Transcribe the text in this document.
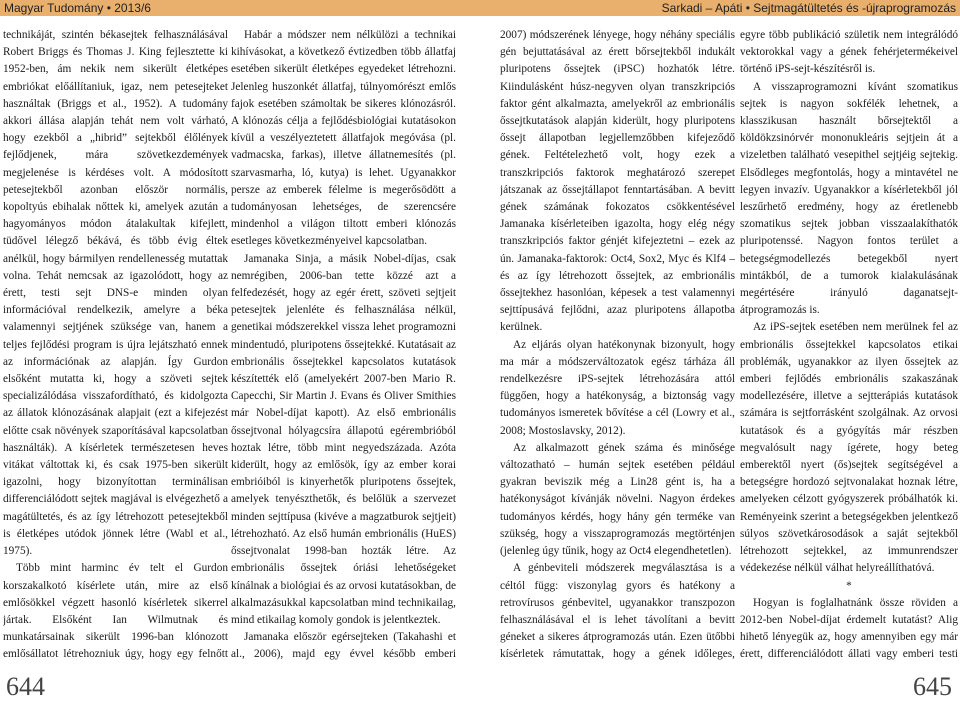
Magyar Tudomány • 2013/6	Sarkadi – Apáti • Sejtmagátültetés és -újraprogramozás

technikáját, szintén békasejtek felhasználásával Robert Briggs és Thomas J. King fejlesztette ki 1952-ben, ám nekik nem sikerült életképes embriókat előállítaniuk, igaz, nem petesejteket használtak (Briggs et al., 1952). A tudomány akkori állása alapján tehát nem volt várható, hogy ezekből a „hibrid” sejtekből élőlények fejlődjenek, mára szövetkezdemények megjelenése is kérdéses volt. A módosított petesejtekből azonban először normális, kopoltyús ebihalak nőttek ki, amelyek azután a hagyományos módon átalakultak kifejlett, tüdővel lélegző békává, és több évig éltek anélkül, hogy bármilyen rendellenesség mutattak volna. Tehát nemcsak az igazolódott, hogy az érett, testi sejt DNS-e minden olyan információval rendelkezik, amelyre a béka valamennyi sejtjének szüksége van, hanem a teljes fejlődési program is újra lejátszható ennek az információnak az alapján. Így Gurdon elsőként mutatta ki, hogy a szöveti sejtek specializálódása visszafordítható, és kidolgozta az állatok klónozásának alapjait (ezt a kifejezést előtte csak növények szaporításával kapcsolatban használták). A kísérletek természetesen heves vitákat váltottak ki, és csak 1975-ben sikerült igazolni, hogy bizonyítottan terminálisan differenciálódott sejtek magjával is elvégezhető a magátültetés, és az így létrehozott petesejtekből is életképes utódok jönnek létre (Wabl et al., 1975).

Több mint harminc év telt el Gurdon korszakalkotó kísérlete után, mire az első emlősökkel végzett hasonló kísérletek sikerrel jártak. Elsőként Ian Wilmutnak és munkatársainak sikerült 1996-ban klónozott emlősállatot létrehozniuk úgy, hogy egy felnőtt

Habár a módszer nem nélkülözi a technikai kihívásokat, a következő évtizedben több állatfaj esetében sikerült életképes egyedeket létrehozni. Jelenleg huszonkét állatfaj, túlnyomórészt emlős fajok esetében számoltak be sikeres klónozásról. A klónozás célja a fejlődésbiológiai kutatásokon kívül a veszélyeztetett állatfajok megóvása (pl. vadmacska, farkas), illetve állatnemesítés (pl. szarvasmarha, ló, kutya) is lehet. Ugyanakkor persze az emberek félelme is megerősödött a tudományosan lehetséges, de szerencsére mindenhol a világon tiltott emberi klónozás esetleges következményeivel kapcsolatban.

Jamanaka Sinja, a másik Nobel-díjas, csak nemrégiben, 2006-ban tette közzé azt a felfedezését, hogy az egér érett, szöveti sejtjeit petesejtek jelenléte és felhasználása nélkül, genetikai módszerekkel vissza lehet programozni mindentudó, pluripotens őssejtekké. Kutatásait az embrionális őssejtekkel kapcsolatos kutatások készítették elő (amelyekért 2007-ben Mario R. Capecchi, Sir Martin J. Evans és Oliver Smithies már Nobel-díjat kapott). Az első embrionális őssejtvonal hólyagcsíra állapotú egérembrióból hoztak létre, több mint negyedszázada. Azóta kiderült, hogy az emlősök, így az ember korai embrióiból is kinyerhetők pluripotens őssejtek, amelyek tenyészthetők, és belőlük a szervezet minden sejttípusa (kivéve a magzatburok sejtjeit) létrehozható. Az első humán embrionális (HuES) őssejtvonalat 1998-ban hozták létre. Az embrionális őssejtek óriási lehetőségeket kínálnak a biológiai és az orvosi kutatásokban, de alkalmazásukkal kapcsolatban mind technikailag, mind etikailag komoly gondok is jelentkeztek.

Jamanaka először egérsejteken (Takahashi et al., 2006), majd egy évvel később emberi

2007) módszerének lényege, hogy néhány speciális gén bejuttatásával az érett bőrsejtekből indukált pluripotens őssejtek (iPSC) hozhatók létre. Kiindulásként húsz-negyven olyan transzkripciós faktor gént alkalmazta, amelyekről az embrionális őssejtkutatások alapján kiderült, hogy pluripotens őssejt állapotban legjellemzőbben kifejeződő gének. Feltételezhető volt, hogy ezek a transzkripciós faktorok meghatározó szerepet játszanak az őssejtállapot fenntartásában. A bevitt gének számának fokozatos csökkentésével Jamanaka kísérleteiben igazolta, hogy elég négy transzkripciós faktor génjét kifejeztetni – ezek az ún. Jamanaka-faktorok: Oct4, Sox2, Myc és Klf4 – és az így létrehozott őssejtek, az embrionális őssejtekhez hasonlóan, képesek a test valamennyi sejttípusává fejlődni, azaz pluripotens állapotba kerülnek.

Az eljárás olyan hatékonynak bizonyult, hogy ma már a módszerváltozatok egész tárháza áll rendelkezésre iPS-sejtek létrehozására attól függően, hogy a hatékonyság, a biztonság vagy tudományos ismeretek bővítése a cél (Lowry et al., 2008; Mostoslavsky, 2012).

Az alkalmazott gének száma és minősége változatható – humán sejtek esetében például gyakran beviszik még a Lin28 gént is, ha a hatékonyságot kívánják növelni. Nagyon érdekes tudományos kérdés, hogy hány gén terméke van szükség, hogy a visszaprogramozás megtörténjen (jelenleg úgy tűnik, hogy az Oct4 elegendhetetlen).

A génbeviteli módszerek megválasztása is a céltól függ: viszonylag gyors és hatékony a retrovírusos génbevitel, ugyanakkor transzpozon felhasználásával el is lehet távolítani a bevitt géneket a sikeres átprogramozás után. Ezen ütőbbi kísérletek rámutattak, hogy a gének időleges,

egyre több publikáció születik nem integrálódó vektorokkal vagy a gének fehérjetermékeivel történő iPS-sejt-készítésről is.

A visszaprogramozni kívánt szomatikus sejtek is nagyon sokfélék lehetnek, a klasszikusan használt bőrsejtektől a köldökzsinórvér mononukleáris sejtjein át a vizeletben található vesepithel sejtjéig sejtekig. Elsődleges megfontolás, hogy a mintavétel ne legyen invazív. Ugyanakkor a kísérletekből jól leszűrhető eredmény, hogy az éretlenebb szomatikus sejtek jobban visszaalakíthatók pluripotenssé. Nagyon fontos terület a betegségmodellezés betegekből nyert mintákból, de a tumorok kialakulásának megértésére irányuló daganatsejt-átprogramozás is.

Az iPS-sejtek esetében nem merülnek fel az embrionális őssejtekkel kapcsolatos etikai problémák, ugyanakkor az ilyen őssejtek az emberi fejlődés embrionális szakaszának modellezésére, illetve a sejtterápiás kutatások számára is sejtforrásként szolgálnak. Az orvosi kutatások és a gyógyítás már részben megvalósult nagy ígérete, hogy beteg emberektől nyert (ős)sejtek segítségével a betegségre hordozó sejtvonalakat hoznak létre, amelyeken célzott gyógyszerek próbálhatók ki. Reményeink szerint a betegségekben jelentkező súlyos szövetkárosodások a saját sejtekből létrehozott sejtekkel, az immunrendszer védekezése nélkül válhat helyreállíthatóvá.

*

Hogyan is foglalhatnánk össze röviden a 2012-ben Nobel-díjat érdemelt kutatást? Alig hihető lényegük az, hogy amennyiben egy már érett, differenciálódott állati vagy emberi testi

644	645
